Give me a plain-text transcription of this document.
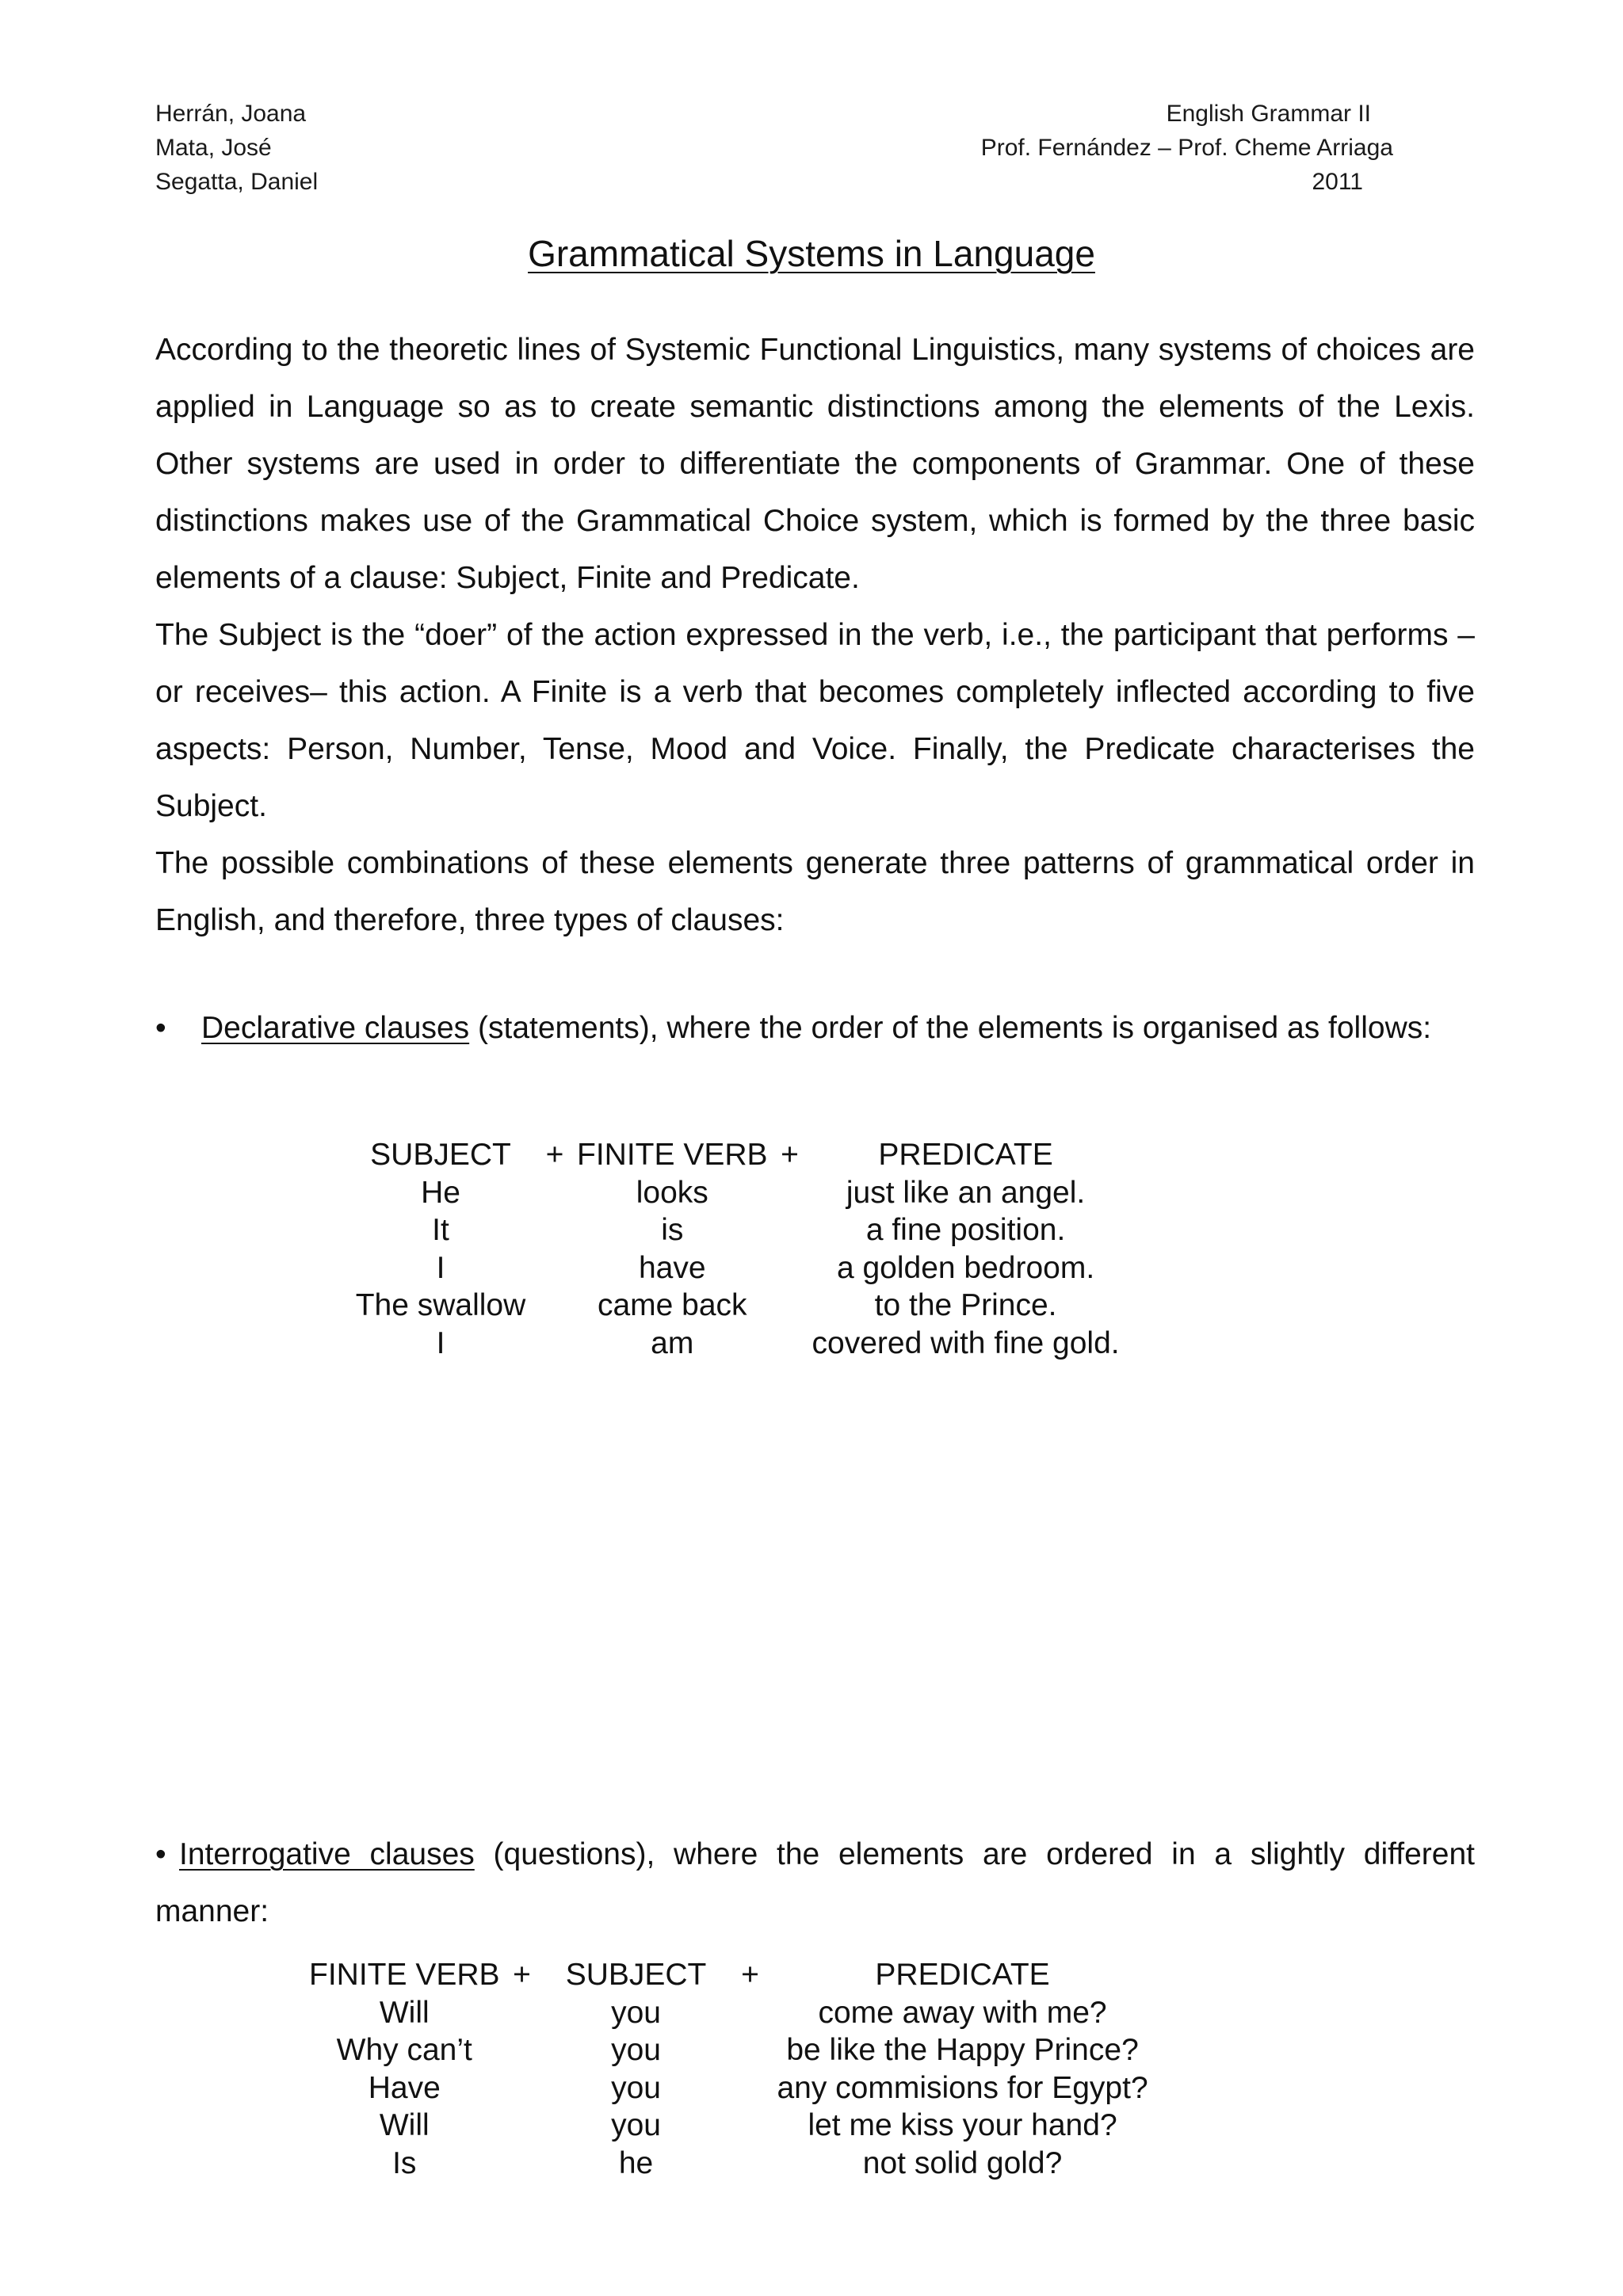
Herrán, Joana
Mata, José
Segatta, Daniel
English Grammar II
Prof. Fernández – Prof. Cheme Arriaga
2011
Grammatical Systems in Language

According to the theoretic lines of Systemic Functional Linguistics, many systems of choices are applied in Language so as to create semantic distinctions among the elements of the Lexis. Other systems are used in order to differentiate the components of Grammar. One of these distinctions makes use of the Grammatical Choice system, which is formed by the three basic elements of a clause: Subject, Finite and Predicate.

The Subject is the “doer” of the action expressed in the verb, i.e., the participant that performs –or receives– this action. A Finite is a verb that becomes completely inflected according to five aspects: Person, Number, Tense, Mood and Voice. Finally, the Predicate characterises the Subject.

The possible combinations of these elements generate three patterns of grammatical order in English, and therefore, three types of clauses:

• Declarative clauses (statements), where the order of the elements is organised as follows:
	SUBJECT	+	FINITE VERB	+	PREDICATE
	He		looks		just like an angel.
	It		is		a fine position.
	I		have		a golden bedroom.
	The swallow		came back		to the Prince.
	I		am		covered with fine gold.
• Interrogative clauses (questions), where the elements are ordered in a slightly different manner:
	FINITE VERB	+	SUBJECT	+	PREDICATE
	Will		you		come away with me?
	Why can’t		you		be like the Happy Prince?
	Have		you		any commisions for Egypt?
	Will		you		let me kiss your hand?
	Is		he		not solid gold?
